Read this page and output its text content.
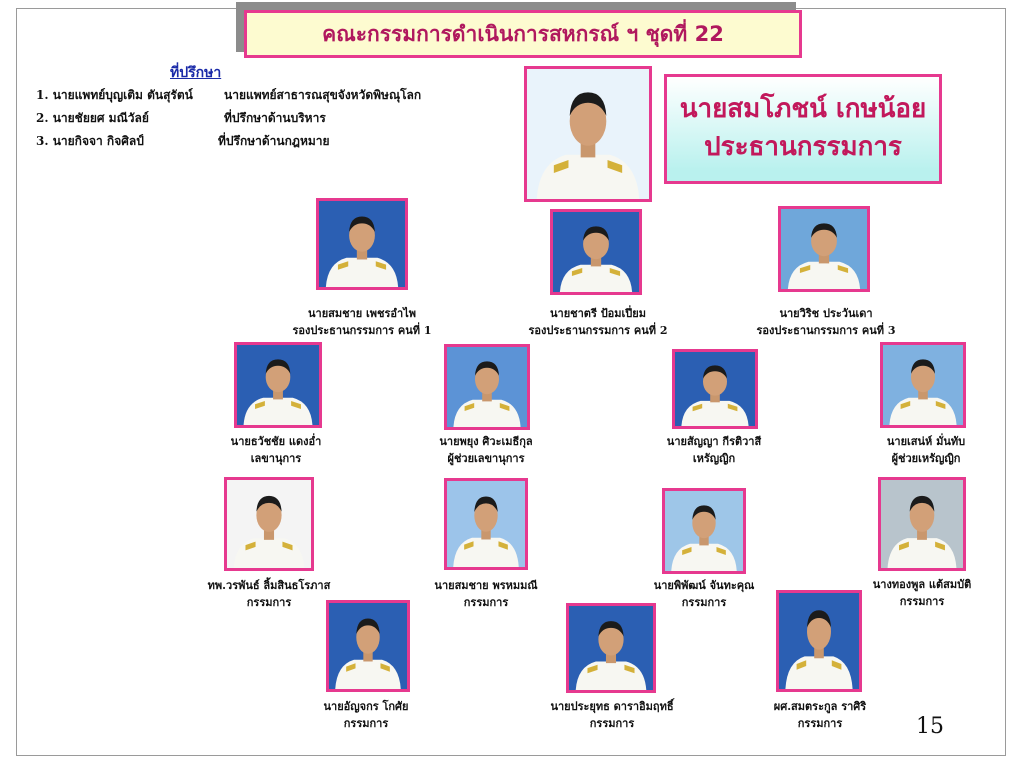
คณะกรรมการดำเนินการสหกรณ์ ฯ ชุดที่ 22
ที่ปรึกษา
1. นายแพทย์บุญเติม ตันสุรัตน์	นายแพทย์สาธารณสุขจังหวัดพิษณุโลก
2. นายชัยยศ มณีวัลย์	ที่ปรึกษาด้านบริหาร
3. นายกิจจา กิจศิลป์	ที่ปรึกษาด้านกฎหมาย
นายสมโภชน์ เกษน้อย
ประธานกรรมการ
นายสมชาย เพชรอำไพ
รองประธานกรรมการ คนที่ 1
นายชาตรี ป้อมเปี่ยม
รองประธานกรรมการ คนที่ 2
นายวิริช ประวันเดา
รองประธานกรรมการ คนที่ 3
นายธวัชชัย แดงอ่ำ
เลขานุการ
นายพยุง ศิวะเมธีกุล
ผู้ช่วยเลขานุการ
นายสัญญา กีรติวาสี
เหรัญญิก
นายเสน่ห์ มั่นทับ
ผู้ช่วยเหรัญญิก
ทพ.วรพันธ์ ลิ้มสินธโรภาส
กรรมการ
นายสมชาย พรหมมณี
กรรมการ
นายพิพัฒน์ จันทะคุณ
กรรมการ
นางทองพูล แต้สมบัติ
กรรมการ
นายอัญจกร โกศัย
กรรมการ
นายประยุทธ ดาราอิมฤทธิ์
กรรมการ
ผศ.สมตระกูล ราศิริ
กรรมการ	15
